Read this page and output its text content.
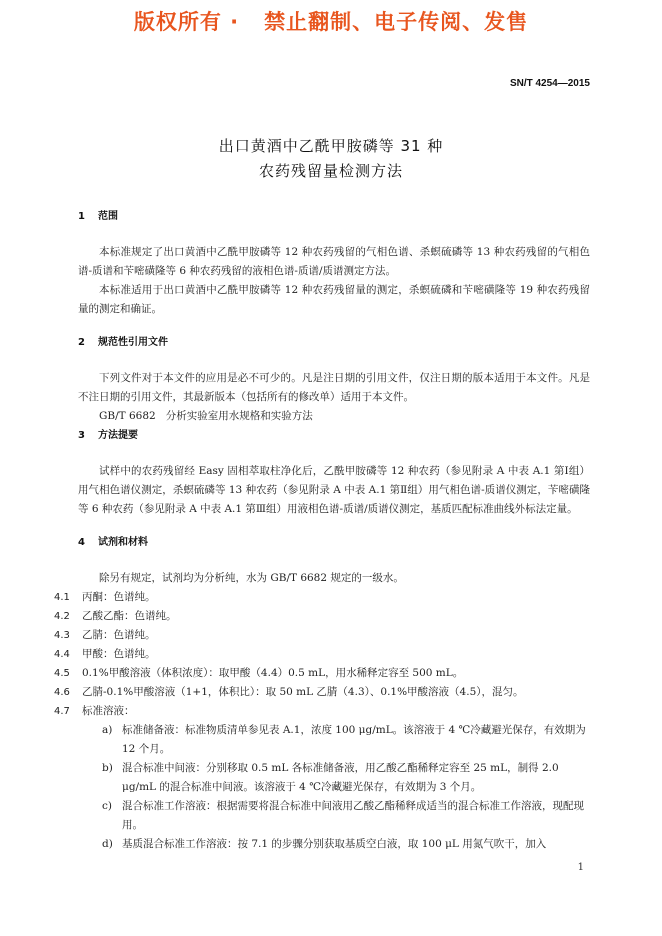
版权所有 ·   禁止翻制、电子传阅、发售
SN/T 4254—2015
出口黄酒中乙酰甲胺磷等 31 种
农药残留量检测方法
1 范围

本标准规定了出口黄酒中乙酰甲胺磷等 12 种农药残留的气相色谱、杀螟硫磷等 13 种农药残留的气相色谱-质谱和苄嘧磺隆等 6 种农药残留的液相色谱-质谱/质谱测定方法。

本标准适用于出口黄酒中乙酰甲胺磷等 12 种农药残留量的测定，杀螟硫磷和苄嘧磺隆等 19 种农药残留量的测定和确证。

2 规范性引用文件

下列文件对于本文件的应用是必不可少的。凡是注日期的引用文件，仅注日期的版本适用于本文件。凡是不注日期的引用文件，其最新版本（包括所有的修改单）适用于本文件。

GB/T 6682   分析实验室用水规格和实验方法

3 方法提要

试样中的农药残留经 Easy 固相萃取柱净化后，乙酰甲胺磷等 12 种农药（参见附录 A 中表 A.1 第Ⅰ组）用气相色谱仪测定，杀螟硫磷等 13 种农药（参见附录 A 中表 A.1 第Ⅱ组）用气相色谱-质谱仪测定，苄嘧磺隆等 6 种农药（参见附录 A 中表 A.1 第Ⅲ组）用液相色谱-质谱/质谱仪测定，基质匹配标准曲线外标法定量。

4 试剂和材料

除另有规定，试剂均为分析纯，水为 GB/T 6682 规定的一级水。

4.1 丙酮：色谱纯。

4.2 乙酸乙酯：色谱纯。

4.3 乙腈：色谱纯。

4.4 甲酸：色谱纯。

4.5 0.1%甲酸溶液（体积浓度）：取甲酸（4.4）0.5 mL，用水稀释定容至 500 mL。

4.6 乙腈-0.1%甲酸溶液（1+1，体积比）：取 50 mL 乙腈（4.3）、0.1%甲酸溶液（4.5），混匀。

4.7 标准溶液：

a) 标准储备液：标准物质清单参见表 A.1，浓度 100 μg/mL。该溶液于 4 ℃冷藏避光保存，有效期为 12 个月。

b) 混合标准中间液：分别移取 0.5 mL 各标准储备液，用乙酸乙酯稀释定容至 25 mL，制得 2.0 μg/mL 的混合标准中间液。该溶液于 4 ℃冷藏避光保存，有效期为 3 个月。

c) 混合标准工作溶液：根据需要将混合标准中间液用乙酸乙酯稀释成适当的混合标准工作溶液，现配现用。

d) 基质混合标准工作溶液：按 7.1 的步骤分别获取基质空白液，取 100 μL 用氮气吹干，加入

1
